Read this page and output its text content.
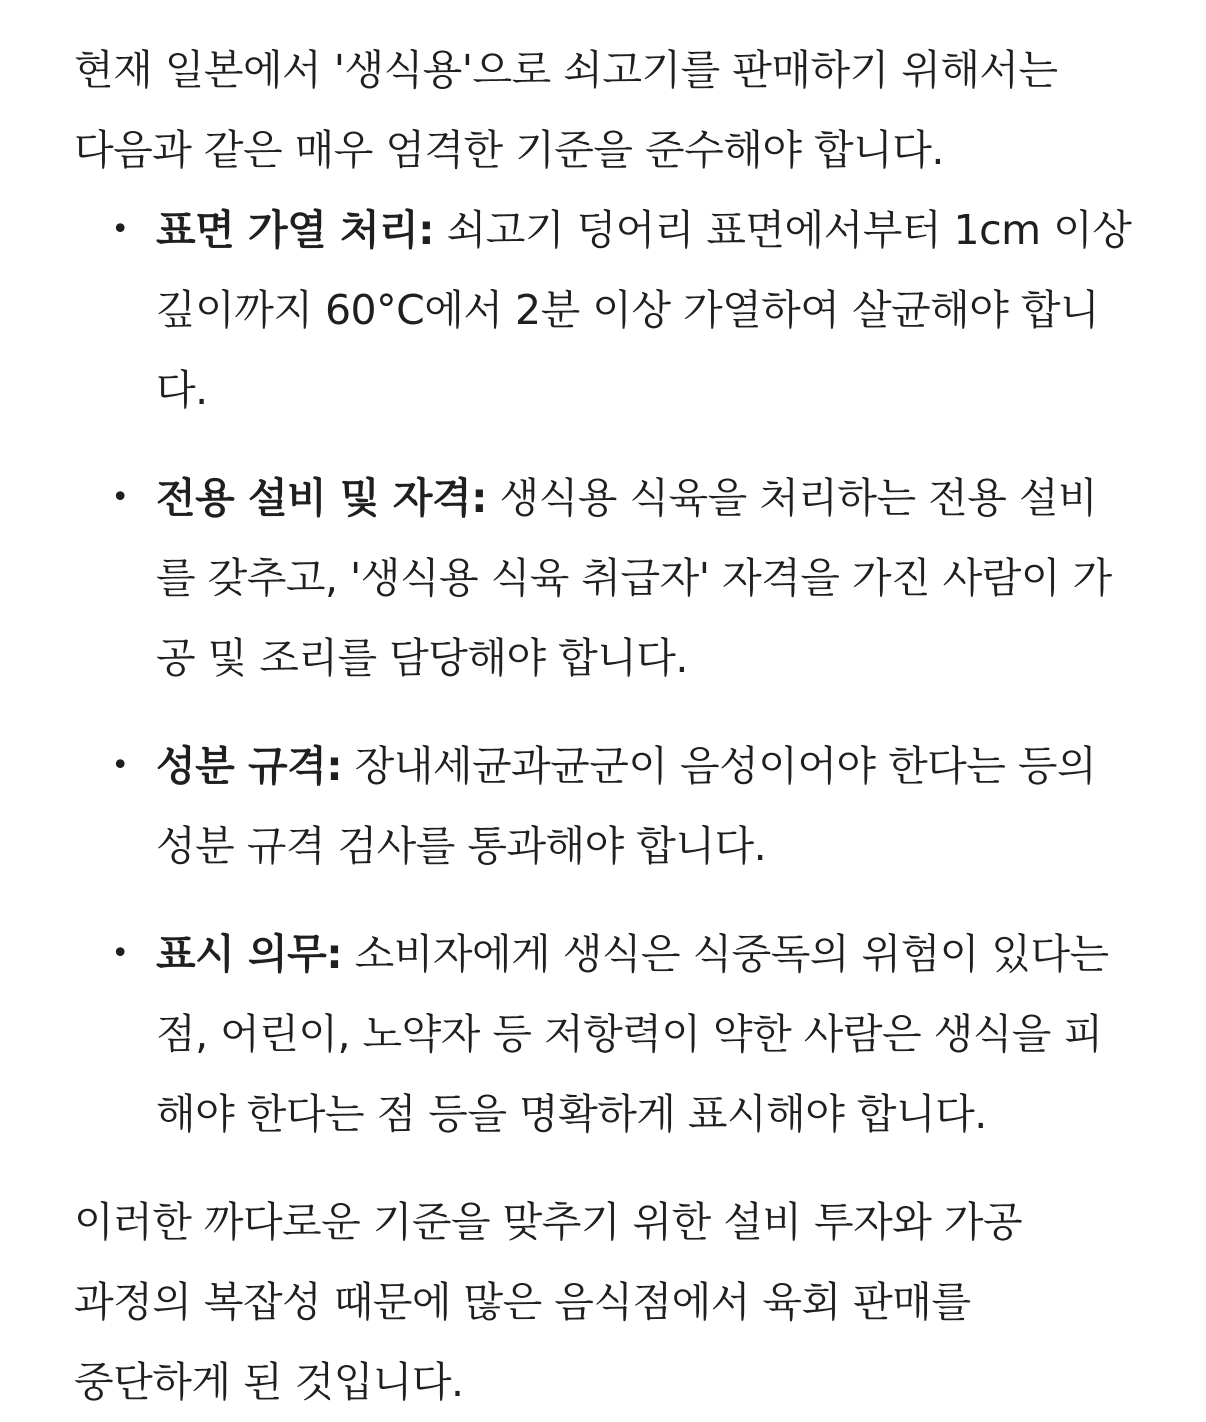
현재 일본에서 '생식용'으로 쇠고기를 판매하기 위해서는 다음과 같은 매우 엄격한 기준을 준수해야 합니다.

• 표면 가열 처리: 쇠고기 덩어리 표면에서부터 1cm 이상 깊이까지 60°C에서 2분 이상 가열하여 살균해야 합니다.
• 전용 설비 및 자격: 생식용 식육을 처리하는 전용 설비를 갖추고, '생식용 식육 취급자' 자격을 가진 사람이 가공 및 조리를 담당해야 합니다.
• 성분 규격: 장내세균과균군이 음성이어야 한다는 등의 성분 규격 검사를 통과해야 합니다.
• 표시 의무: 소비자에게 생식은 식중독의 위험이 있다는 점, 어린이, 노약자 등 저항력이 약한 사람은 생식을 피해야 한다는 점 등을 명확하게 표시해야 합니다.

이러한 까다로운 기준을 맞추기 위한 설비 투자와 가공 과정의 복잡성 때문에 많은 음식점에서 육회 판매를 중단하게 된 것입니다.
